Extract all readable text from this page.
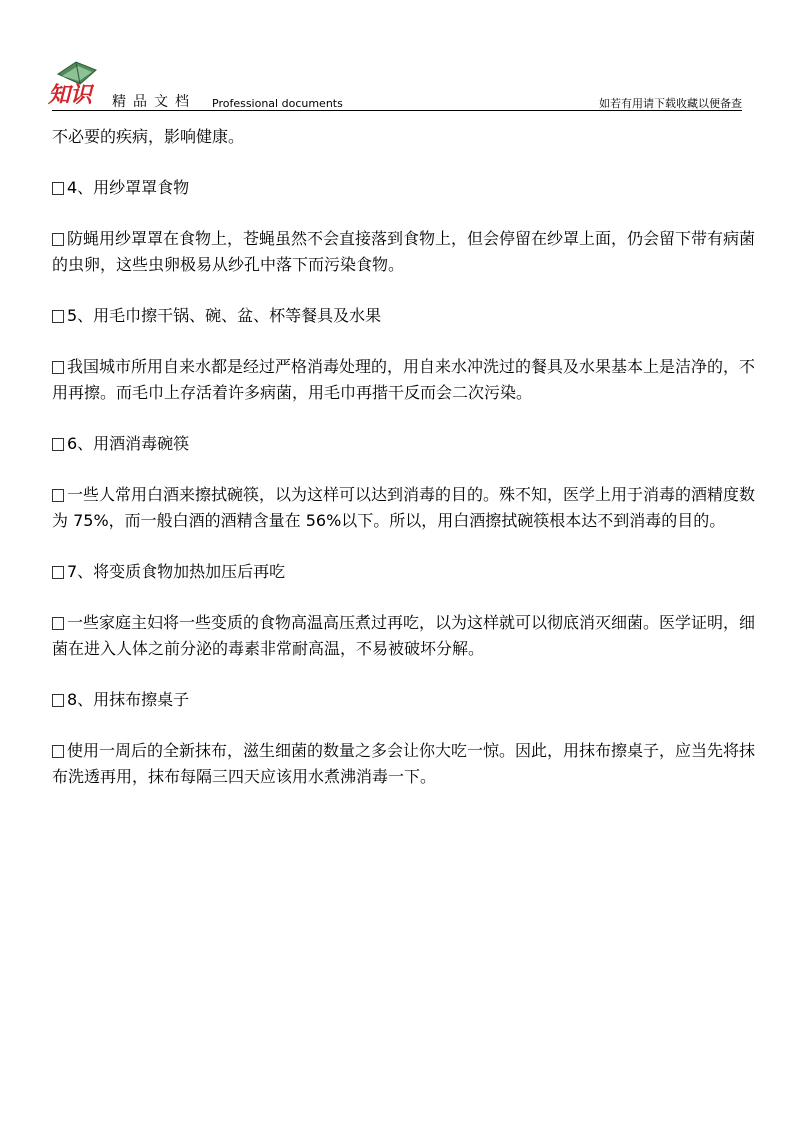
知识 精品文档 Professional documents	如若有用请下载收藏以便备查
不必要的疾病，影响健康。
4、用纱罩罩食物
防蝇用纱罩罩在食物上，苍蝇虽然不会直接落到食物上，但会停留在纱罩上面，仍会留下带有病菌的虫卵，这些虫卵极易从纱孔中落下而污染食物。
5、用毛巾擦干锅、碗、盆、杯等餐具及水果
我国城市所用自来水都是经过严格消毒处理的，用自来水冲洗过的餐具及水果基本上是洁净的，不用再擦。而毛巾上存活着许多病菌，用毛巾再揩干反而会二次污染。
6、用酒消毒碗筷
一些人常用白酒来擦拭碗筷，以为这样可以达到消毒的目的。殊不知，医学上用于消毒的酒精度数为 75%，而一般白酒的酒精含量在 56%以下。所以，用白酒擦拭碗筷根本达不到消毒的目的。
7、将变质食物加热加压后再吃
一些家庭主妇将一些变质的食物高温高压煮过再吃，以为这样就可以彻底消灭细菌。医学证明，细菌在进入人体之前分泌的毒素非常耐高温，不易被破坏分解。
8、用抹布擦桌子
使用一周后的全新抹布，滋生细菌的数量之多会让你大吃一惊。因此，用抹布擦桌子，应当先将抹布洗透再用，抹布每隔三四天应该用水煮沸消毒一下。
